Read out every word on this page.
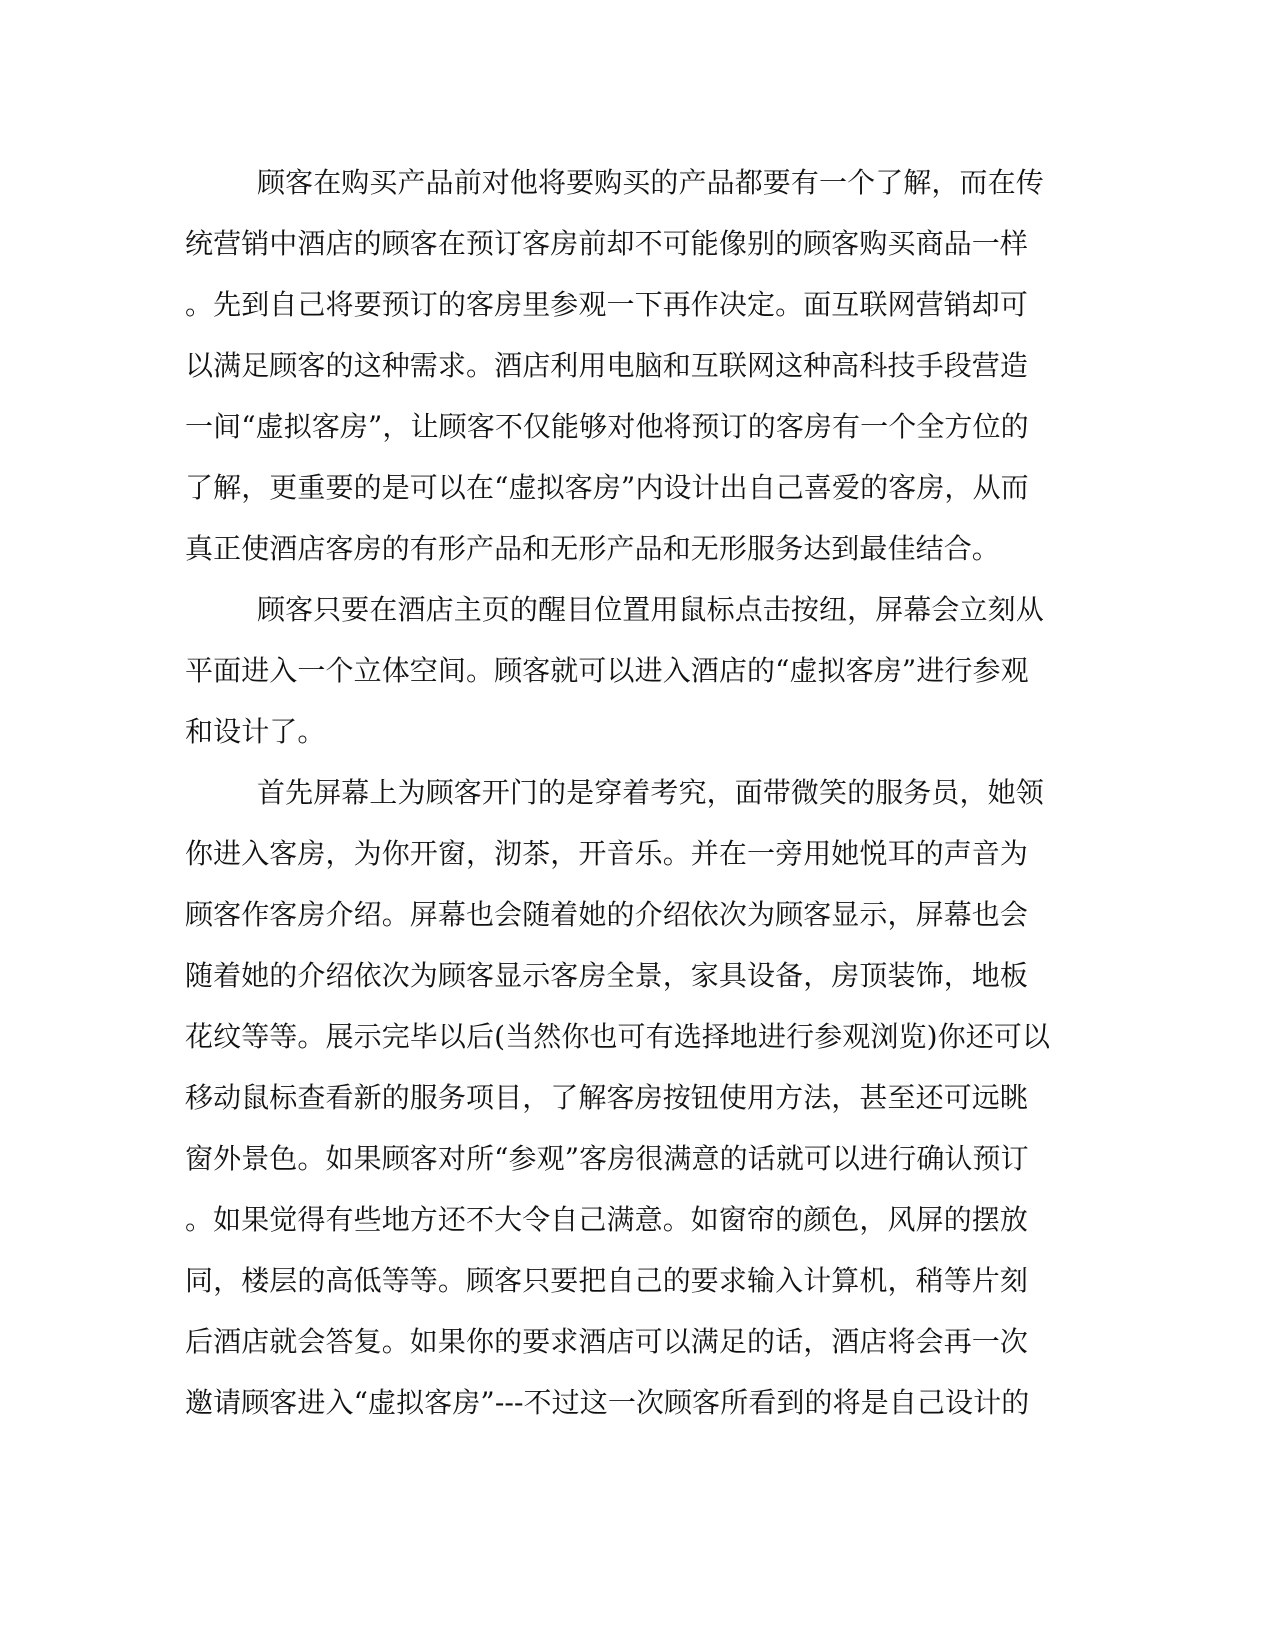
顾客在购买产品前对他将要购买的产品都要有一个了解，而在传
统营销中酒店的顾客在预订客房前却不可能像别的顾客购买商品一样
。先到自己将要预订的客房里参观一下再作决定。面互联网营销却可
以满足顾客的这种需求。酒店利用电脑和互联网这种高科技手段营造
一间“虚拟客房”，让顾客不仅能够对他将预订的客房有一个全方位的
了解，更重要的是可以在“虚拟客房”内设计出自己喜爱的客房，从而
真正使酒店客房的有形产品和无形产品和无形服务达到最佳结合。
顾客只要在酒店主页的醒目位置用鼠标点击按纽，屏幕会立刻从
平面进入一个立体空间。顾客就可以进入酒店的“虚拟客房”进行参观
和设计了。
首先屏幕上为顾客开门的是穿着考究，面带微笑的服务员，她领
你进入客房，为你开窗，沏茶，开音乐。并在一旁用她悦耳的声音为
顾客作客房介绍。屏幕也会随着她的介绍依次为顾客显示，屏幕也会
随着她的介绍依次为顾客显示客房全景，家具设备，房顶装饰，地板
花纹等等。展示完毕以后(当然你也可有选择地进行参观浏览)你还可以
移动鼠标查看新的服务项目，了解客房按钮使用方法，甚至还可远眺
窗外景色。如果顾客对所“参观”客房很满意的话就可以进行确认预订
。如果觉得有些地方还不大令自己满意。如窗帘的颜色，风屏的摆放
同，楼层的高低等等。顾客只要把自己的要求输入计算机，稍等片刻
后酒店就会答复。如果你的要求酒店可以满足的话，酒店将会再一次
邀请顾客进入“虚拟客房”---不过这一次顾客所看到的将是自己设计的
